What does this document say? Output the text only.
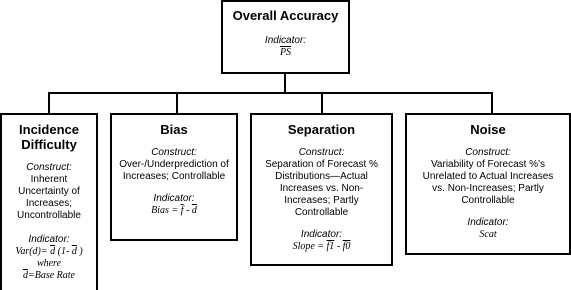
Overall Accuracy
Indicator:
$\overline{PS}$
Incidence Difficulty
Construct:
Inherent Uncertainty of Increases; Uncontrollable
Indicator:
$Var(d)= \overline{d}$ (1- $\overline{d}$ )
where
$\overline{d}=Base$ Rate
Bias
Construct:
Over-/Underprediction of Increases; Controllable
Indicator:
Bias = $\overline{f} - \overline{d}$
Separation
Construct:
Separation of Forecast % Distributions—Actual Increases vs. Non-Increases; Partly Controllable
Indicator:
Slope = f1 - f0
Noise
Construct:
Variability of Forecast %'s Unrelated to Actual Increases vs. Non-Increases; Partly Controllable
Indicator:
Scat
